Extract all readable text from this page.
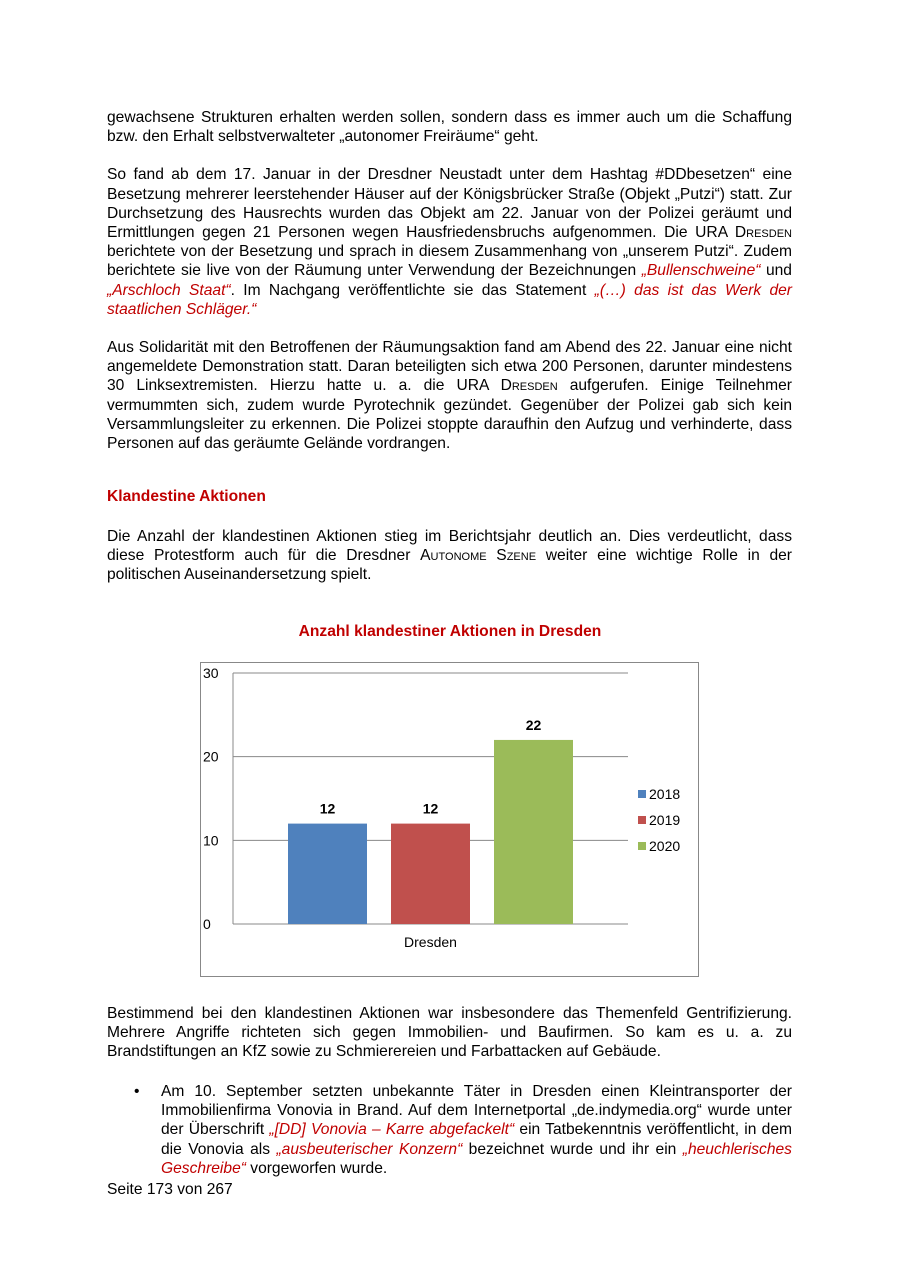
gewachsene Strukturen erhalten werden sollen, sondern dass es immer auch um die Schaffung bzw. den Erhalt selbstverwalteter „autonomer Freiräume“ geht.

So fand ab dem 17. Januar in der Dresdner Neustadt unter dem Hashtag #DDbesetzen“ eine Besetzung mehrerer leerstehender Häuser auf der Königsbrücker Straße (Objekt „Putzi“) statt. Zur Durchsetzung des Hausrechts wurden das Objekt am 22. Januar von der Polizei geräumt und Ermittlungen gegen 21 Personen wegen Hausfriedensbruchs aufgenommen. Die URA Dresden berichtete von der Besetzung und sprach in diesem Zusammenhang von „unserem Putzi“. Zudem berichtete sie live von der Räumung unter Verwendung der Bezeichnungen „Bullenschweine“ und „Arschloch Staat“. Im Nachgang veröffentlichte sie das Statement „(…) das ist das Werk der staatlichen Schläger.“

Aus Solidarität mit den Betroffenen der Räumungsaktion fand am Abend des 22. Januar eine nicht angemeldete Demonstration statt. Daran beteiligten sich etwa 200 Personen, darunter mindestens 30 Linksextremisten. Hierzu hatte u. a. die URA Dresden aufgerufen. Einige Teilnehmer vermummten sich, zudem wurde Pyrotechnik gezündet. Gegenüber der Polizei gab sich kein Versammlungsleiter zu erkennen. Die Polizei stoppte daraufhin den Aufzug und verhinderte, dass Personen auf das geräumte Gelände vordrangen.

Klandestine Aktionen

Die Anzahl der klandestinen Aktionen stieg im Berichtsjahr deutlich an. Dies verdeutlicht, dass diese Protestform auch für die Dresdner Autonome Szene weiter eine wichtige Rolle in der politischen Auseinandersetzung spielt.

Anzahl klandestiner Aktionen in Dresden
0
10
20
30
12	12
22
Dresden
2018
2019
2020

Bestimmend bei den klandestinen Aktionen war insbesondere das Themenfeld Gentrifizierung. Mehrere Angriffe richteten sich gegen Immobilien- und Baufirmen. So kam es u. a. zu Brandstiftungen an KfZ sowie zu Schmierereien und Farbattacken auf Gebäude.

• Am 10. September setzten unbekannte Täter in Dresden einen Kleintransporter der Immobilienfirma Vonovia in Brand. Auf dem Internetportal „de.indymedia.org“ wurde unter der Überschrift „[DD] Vonovia – Karre abgefackelt“ ein Tatbekenntnis veröffentlicht, in dem die Vonovia als „ausbeuterischer Konzern“ bezeichnet wurde und ihr ein „heuchlerisches Geschreibe“ vorgeworfen wurde.

Seite 173 von 267
